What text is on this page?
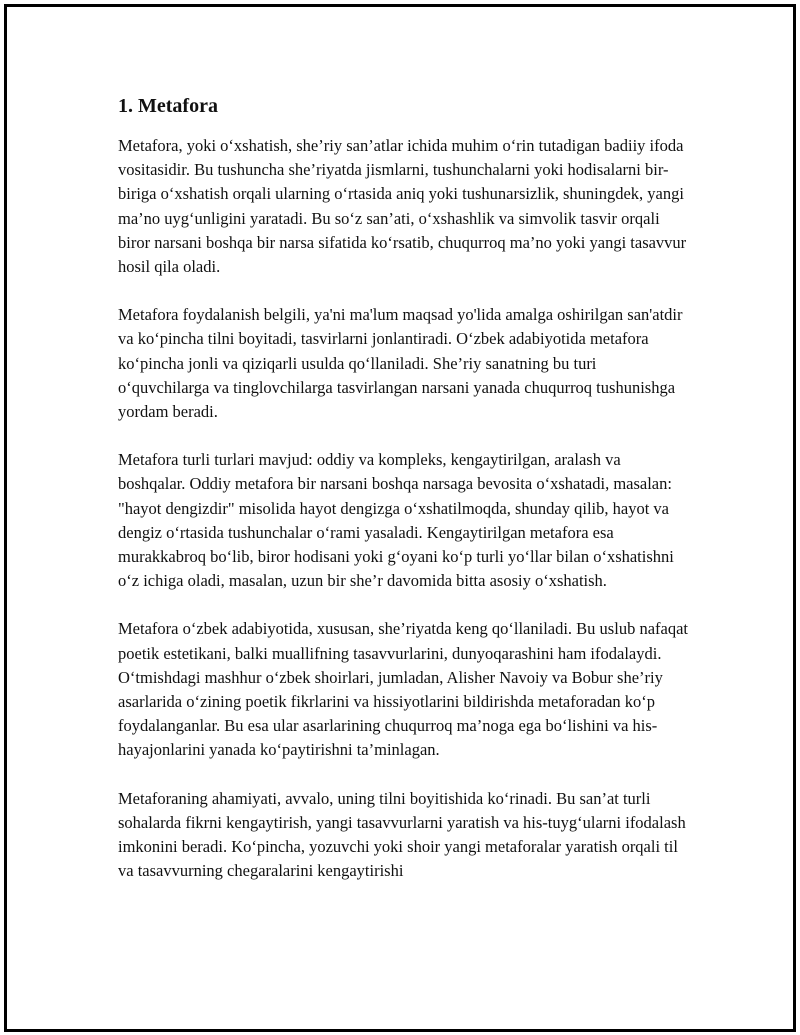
1. Metafora

Metafora, yoki o‘xshatish, she’riy san’atlar ichida muhim o‘rin tutadigan badiiy ifoda vositasidir. Bu tushuncha she’riyatda jismlarni, tushunchalarni yoki hodisalarni bir-biriga o‘xshatish orqali ularning o‘rtasida aniq yoki tushunarsizlik, shuningdek, yangi ma’no uyg‘unligini yaratadi. Bu so‘z san’ati, o‘xshashlik va simvolik tasvir orqali biror narsani boshqa bir narsa sifatida ko‘rsatib, chuqurroq ma’no yoki yangi tasavvur hosil qila oladi.

Metafora foydalanish belgili, ya'ni ma'lum maqsad yo'lida amalga oshirilgan san'atdir va ko‘pincha tilni boyitadi, tasvirlarni jonlantiradi. O‘zbek adabiyotida metafora ko‘pincha jonli va qiziqarli usulda qo‘llaniladi. She’riy sanatning bu turi o‘quvchilarga va tinglovchilarga tasvirlangan narsani yanada chuqurroq tushunishga yordam beradi.

Metafora turli turlari mavjud: oddiy va kompleks, kengaytirilgan, aralash va boshqalar. Oddiy metafora bir narsani boshqa narsaga bevosita o‘xshatadi, masalan: "hayot dengizdir" misolida hayot dengizga o‘xshatilmoqda, shunday qilib, hayot va dengiz o‘rtasida tushunchalar o‘rami yasaladi. Kengaytirilgan metafora esa murakkabroq bo‘lib, biror hodisani yoki g‘oyani ko‘p turli yo‘llar bilan o‘xshatishni o‘z ichiga oladi, masalan, uzun bir she’r davomida bitta asosiy o‘xshatish.

Metafora o‘zbek adabiyotida, xususan, she’riyatda keng qo‘llaniladi. Bu uslub nafaqat poetik estetikani, balki muallifning tasavvurlarini, dunyoqarashini ham ifodalaydi. O‘tmishdagi mashhur o‘zbek shoirlari, jumladan, Alisher Navoiy va Bobur she’riy asarlarida o‘zining poetik fikrlarini va hissiyotlarini bildirishda metaforadan ko‘p foydalanganlar. Bu esa ular asarlarining chuqurroq ma’noga ega bo‘lishini va his-hayajonlarini yanada ko‘paytirishni ta’minlagan.

Metaforaning ahamiyati, avvalo, uning tilni boyitishida ko‘rinadi. Bu san’at turli sohalarda fikrni kengaytirish, yangi tasavvurlarni yaratish va his-tuyg‘ularni ifodalash imkonini beradi. Ko‘pincha, yozuvchi yoki shoir yangi metaforalar yaratish orqali til va tasavvurning chegaralarini kengaytirishi
